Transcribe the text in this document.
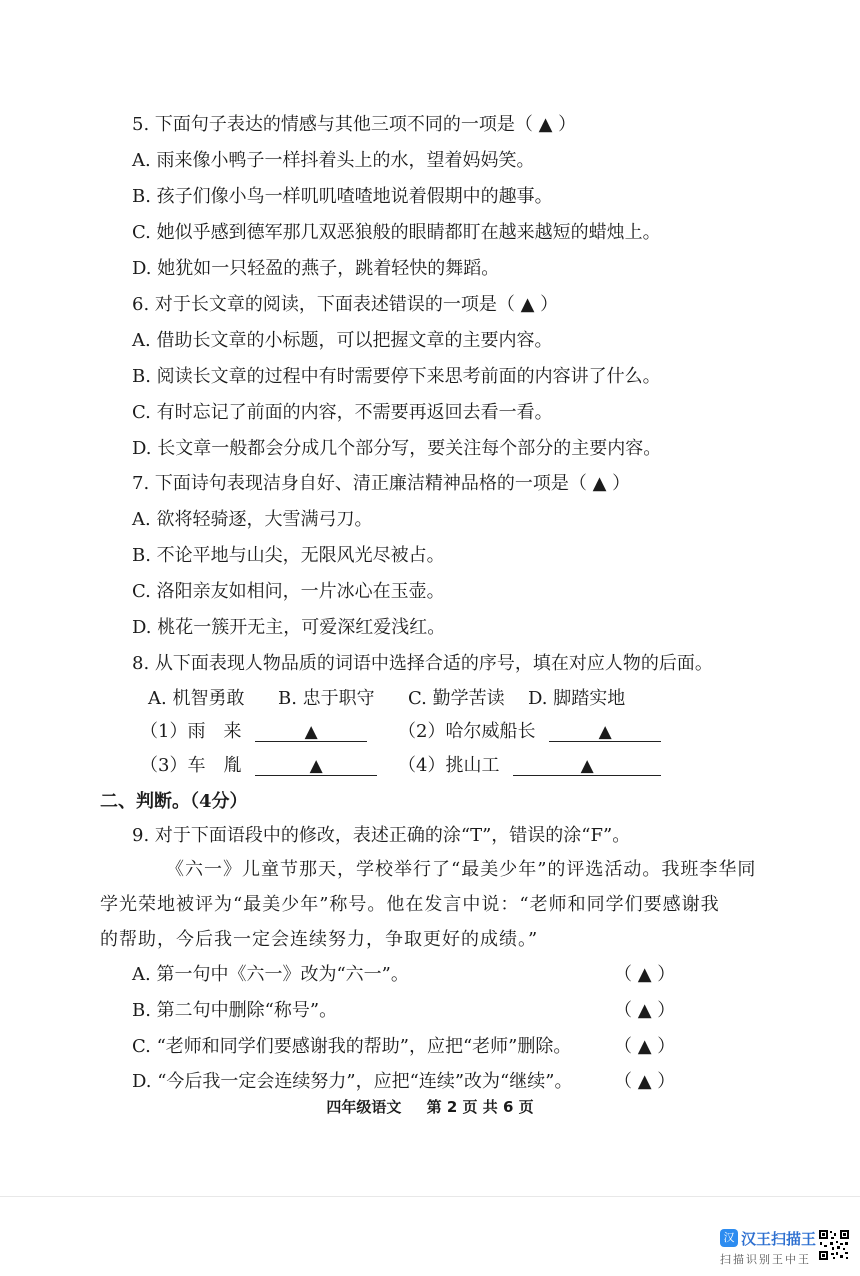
5. 下面句子表达的情感与其他三项不同的一项是（ ▲ ）
A. 雨来像小鸭子一样抖着头上的水，望着妈妈笑。
B. 孩子们像小鸟一样叽叽喳喳地说着假期中的趣事。
C. 她似乎感到德军那几双恶狼般的眼睛都盯在越来越短的蜡烛上。
D. 她犹如一只轻盈的燕子，跳着轻快的舞蹈。
6. 对于长文章的阅读，下面表述错误的一项是（ ▲ ）
A. 借助长文章的小标题，可以把握文章的主要内容。
B. 阅读长文章的过程中有时需要停下来思考前面的内容讲了什么。
C. 有时忘记了前面的内容，不需要再返回去看一看。
D. 长文章一般都会分成几个部分写，要关注每个部分的主要内容。
7. 下面诗句表现洁身自好、清正廉洁精神品格的一项是（ ▲ ）
A. 欲将轻骑逐，大雪满弓刀。
B. 不论平地与山尖，无限风光尽被占。
C. 洛阳亲友如相问，一片冰心在玉壶。
D. 桃花一簇开无主，可爱深红爱浅红。
8. 从下面表现人物品质的词语中选择合适的序号，填在对应人物的后面。
A. 机智勇敢 B. 忠于职守 C. 勤学苦读 D. 脚踏实地
（1）雨　来	▲	（2）哈尔威船长	▲
（3）车　胤	▲	（4）挑山工	▲
二、判断。（4分）
9. 对于下面语段中的修改，表述正确的涂“T”，错误的涂“F”。
《六一》儿童节那天，学校举行了“最美少年”的评选活动。我班李华同
学光荣地被评为“最美少年”称号。他在发言中说：“老师和同学们要感谢我
的帮助，今后我一定会连续努力，争取更好的成绩。”
A. 第一句中《六一》改为“六一”。	（ ▲ ）
B. 第二句中删除“称号”。	（ ▲ ）
C. “老师和同学们要感谢我的帮助”，应把“老师”删除。 （ ▲ ）
D. “今后我一定会连续努力”，应把“连续”改为“继续”。 （ ▲ ）
四年级语文 第 2 页 共 6 页
汉 汉王扫描王
扫描识别王中王
